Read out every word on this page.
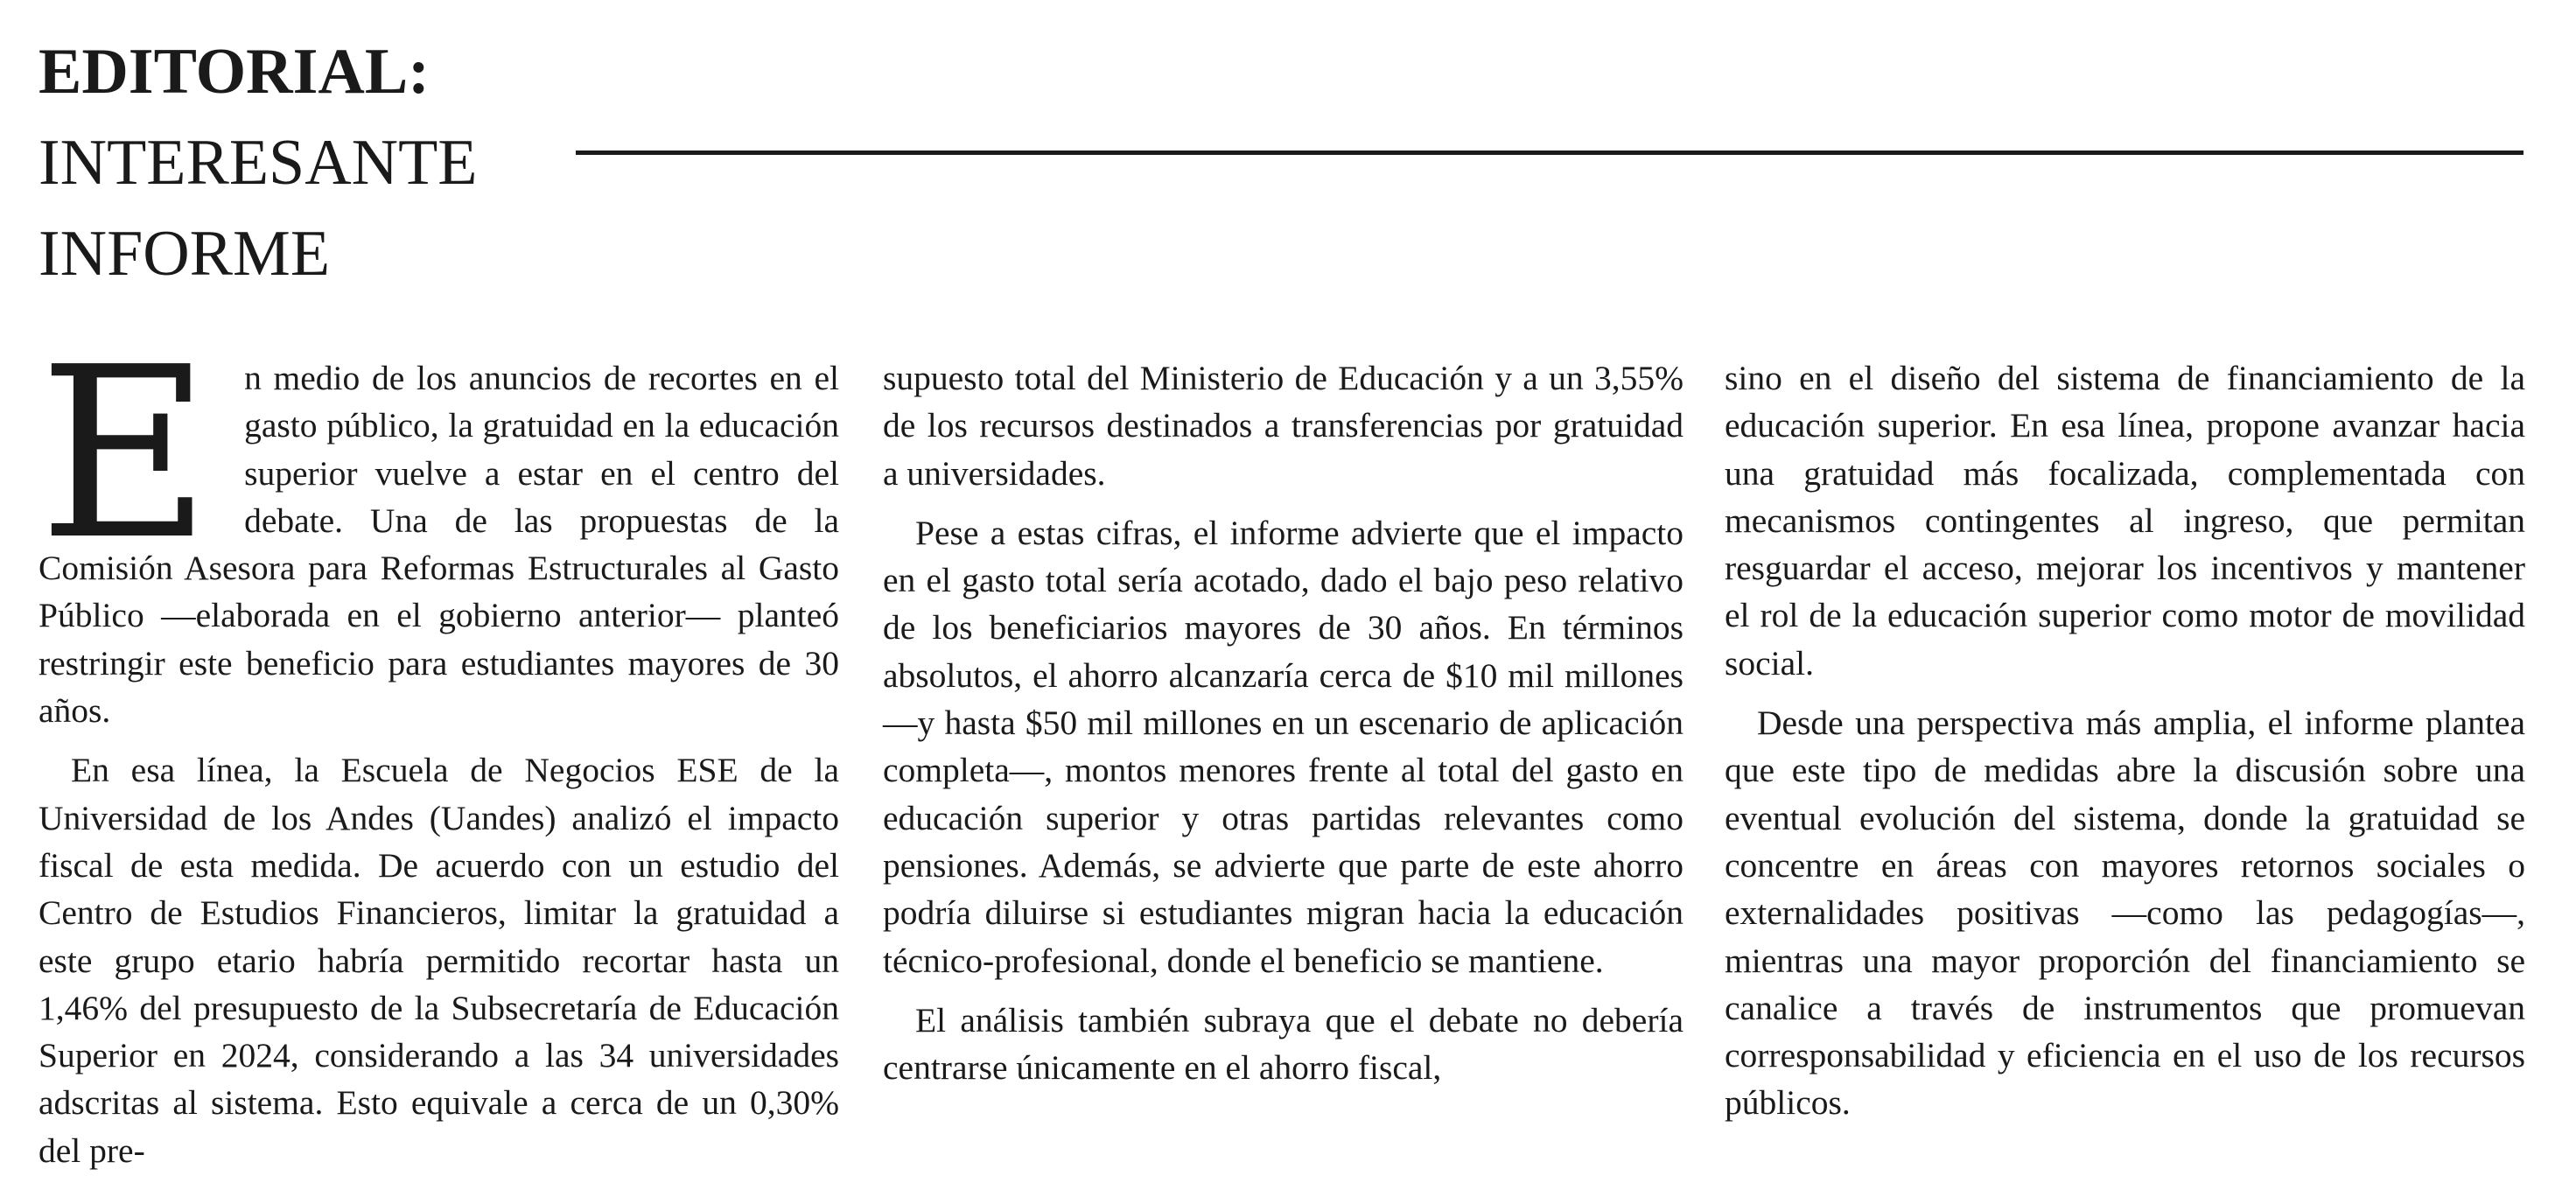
EDITORIAL:
INTERESANTE
INFORME
E n medio de los anuncios de recortes en el gasto público, la gratuidad en la educación superior vuelve a estar en el centro del debate. Una de las propuestas de la Comisión Asesora para Reformas Estructurales al Gasto Público —elaborada en el gobierno anterior— planteó restringir este beneficio para estudiantes mayores de 30 años.

En esa línea, la Escuela de Negocios ESE de la Universidad de los Andes (Uandes) analizó el impacto fiscal de esta medida. De acuerdo con un estudio del Centro de Estudios Financieros, limitar la gratuidad a este grupo etario habría permitido recortar hasta un 1,46% del presupuesto de la Subsecretaría de Educación Superior en 2024, considerando a las 34 universidades adscritas al sistema. Esto equivale a cerca de un 0,30% del pre-

supuesto total del Ministerio de Educación y a un 3,55% de los recursos destinados a transferencias por gratuidad a universidades.

Pese a estas cifras, el informe advierte que el impacto en el gasto total sería acotado, dado el bajo peso relativo de los beneficiarios mayores de 30 años. En términos absolutos, el ahorro alcanzaría cerca de $10 mil millones —y hasta $50 mil millones en un escenario de aplicación completa—, montos menores frente al total del gasto en educación superior y otras partidas relevantes como pensiones. Además, se advierte que parte de este ahorro podría diluirse si estudiantes migran hacia la educación técnico-profesional, donde el beneficio se mantiene.

El análisis también subraya que el debate no debería centrarse únicamente en el ahorro fiscal,

sino en el diseño del sistema de financiamiento de la educación superior. En esa línea, propone avanzar hacia una gratuidad más focalizada, complementada con mecanismos contingentes al ingreso, que permitan resguardar el acceso, mejorar los incentivos y mantener el rol de la educación superior como motor de movilidad social.

Desde una perspectiva más amplia, el informe plantea que este tipo de medidas abre la discusión sobre una eventual evolución del sistema, donde la gratuidad se concentre en áreas con mayores retornos sociales o externalidades positivas —como las pedagogías—, mientras una mayor proporción del financiamiento se canalice a través de instrumentos que promuevan corresponsabilidad y eficiencia en el uso de los recursos públicos.
